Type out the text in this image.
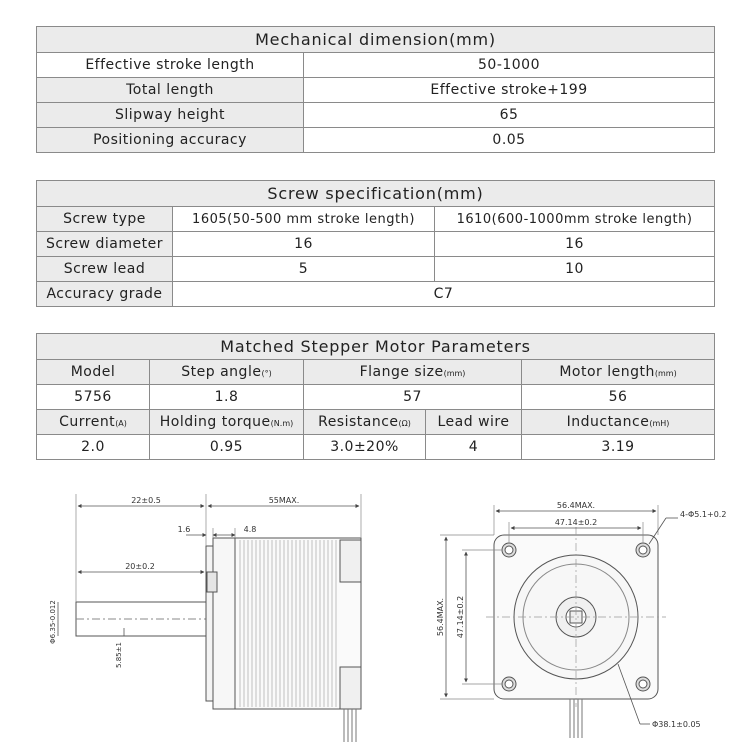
Mechanical dimension(mm)	
Effective stroke length	50-1000
Total length	Effective stroke+199
Slipway height	65
Positioning accuracy	0.05
Screw specification(mm)		
Screw type	1605(50-500 mm stroke length)	1610(600-1000mm stroke length)
Screw diameter	16	16
Screw lead	5	10
Accuracy grade	C7	
Matched Stepper Motor Parameters				
Model	Step angle(°)	Flange size(mm)		Motor length(mm)
5756	1.8	57		56
Current(A)	Holding torque(N.m)	Resistance(Ω)	Lead wire	Inductance(mH)
2.0	0.95	3.0±20%	4	3.19
22±0.5	55MAX.
1.6	4.8
20±0.2
Φ6.35-0.012
5.85±1
56.4MAX.
47.14±0.2
4-Φ5.1+0.2
56.4MAX. 47.14±0.2
Φ38.1±0.05
